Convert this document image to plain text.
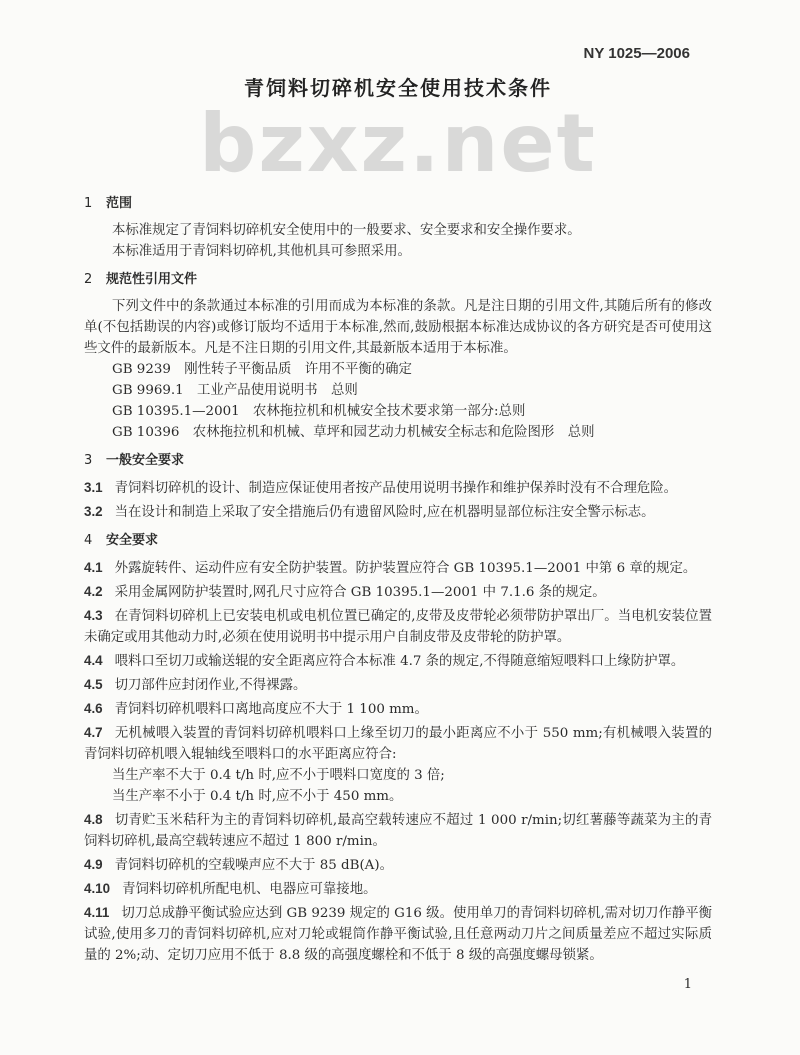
NY 1025—2006
青饲料切碎机安全使用技术条件
bzxz.net
1 范围
本标准规定了青饲料切碎机安全使用中的一般要求、安全要求和安全操作要求。
本标准适用于青饲料切碎机,其他机具可参照采用。
2 规范性引用文件
下列文件中的条款通过本标准的引用而成为本标准的条款。凡是注日期的引用文件,其随后所有的修改单(不包括勘误的内容)或修订版均不适用于本标准,然而,鼓励根据本标准达成协议的各方研究是否可使用这些文件的最新版本。凡是不注日期的引用文件,其最新版本适用于本标准。
GB 9239　刚性转子平衡品质　许用不平衡的确定
GB 9969.1　工业产品使用说明书　总则
GB 10395.1—2001　农林拖拉机和机械安全技术要求第一部分:总则
GB 10396　农林拖拉机和机械、草坪和园艺动力机械安全标志和危险图形　总则
3 一般安全要求
3.1 青饲料切碎机的设计、制造应保证使用者按产品使用说明书操作和维护保养时没有不合理危险。
3.2 当在设计和制造上采取了安全措施后仍有遗留风险时,应在机器明显部位标注安全警示标志。
4 安全要求
4.1 外露旋转件、运动件应有安全防护装置。防护装置应符合 GB 10395.1—2001 中第 6 章的规定。
4.2 采用金属网防护装置时,网孔尺寸应符合 GB 10395.1—2001 中 7.1.6 条的规定。
4.3 在青饲料切碎机上已安装电机或电机位置已确定的,皮带及皮带轮必须带防护罩出厂。当电机安装位置未确定或用其他动力时,必须在使用说明书中提示用户自制皮带及皮带轮的防护罩。
4.4 喂料口至切刀或输送辊的安全距离应符合本标准 4.7 条的规定,不得随意缩短喂料口上缘防护罩。
4.5 切刀部件应封闭作业,不得裸露。
4.6 青饲料切碎机喂料口离地高度应不大于 1 100 mm。
4.7 无机械喂入装置的青饲料切碎机喂料口上缘至切刀的最小距离应不小于 550 mm;有机械喂入装置的青饲料切碎机喂入辊轴线至喂料口的水平距离应符合:
当生产率不大于 0.4 t/h 时,应不小于喂料口宽度的 3 倍;
当生产率不小于 0.4 t/h 时,应不小于 450 mm。
4.8 切青贮玉米秸秆为主的青饲料切碎机,最高空载转速应不超过 1 000 r/min;切红薯藤等蔬菜为主的青饲料切碎机,最高空载转速应不超过 1 800 r/min。
4.9 青饲料切碎机的空载噪声应不大于 85 dB(A)。
4.10 青饲料切碎机所配电机、电器应可靠接地。
4.11 切刀总成静平衡试验应达到 GB 9239 规定的 G16 级。使用单刀的青饲料切碎机,需对切刀作静平衡试验,使用多刀的青饲料切碎机,应对刀轮或辊筒作静平衡试验,且任意两动刀片之间质量差应不超过实际质量的 2%;动、定切刀应用不低于 8.8 级的高强度螺栓和不低于 8 级的高强度螺母锁紧。
1
